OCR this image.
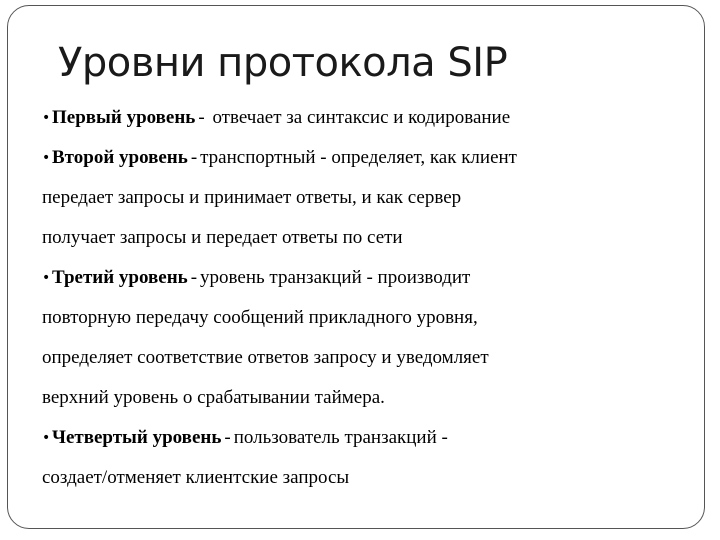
Уровни протокола SIP
•Первый уровень - отвечает за синтаксис и кодирование
•Второй уровень - транспортный - определяет, как клиент
передает запросы и принимает ответы, и как сервер
получает запросы и передает ответы по сети
•Третий уровень - уровень транзакций - производит
повторную передачу сообщений прикладного уровня,
определяет соответствие ответов запросу и уведомляет
верхний уровень о срабатывании таймера.
•Четвертый уровень - пользователь транзакций -
создает/отменяет клиентские запросы
